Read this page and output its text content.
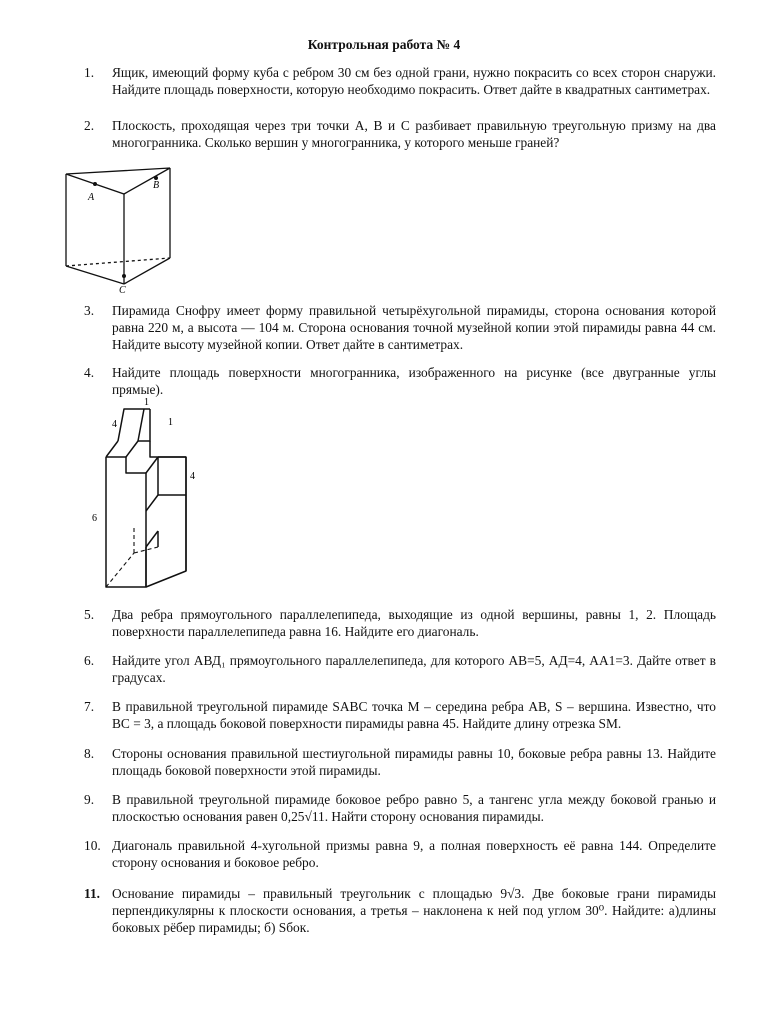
Контрольная работа № 4
1.	Ящик, имеющий форму куба с ребром 30 см без одной грани, нужно покрасить со всех сторон снаружи. Найдите площадь поверхности, которую необходимо покрасить. Ответ дайте в квадратных сантиметрах.
2.	Плоскость, проходящая через три точки A, B и C разбивает правильную треугольную призму на два многогранника. Сколько вершин у многогранника, у которого меньше граней?
A
B
C
3.	Пирамида Снофру имеет форму правильной четырёхугольной пирамиды, сторона основания которой равна 220 м, а высота — 104 м. Сторона основания точной музейной копии этой пирамиды равна 44 см. Найдите высоту музейной копии. Ответ дайте в сантиметрах.
4.	Найдите площадь поверхности многогранника, изображенного на рисунке (все двугранные углы прямые).
1
4	1
4
6
5.	Два ребра прямоугольного параллелепипеда, выходящие из одной вершины, равны 1, 2. Площадь поверхности параллелепипеда равна 16. Найдите его диагональ.
6.	Найдите угол АВД₁ прямоугольного параллелепипеда, для которого АВ=5, АД=4, АА1=3. Дайте ответ в градусах.
7.	В правильной треугольной пирамиде SABC точка M – середина ребра AB, S – вершина. Известно, что BC = 3, а площадь боковой поверхности пирамиды равна 45. Найдите длину отрезка SM.
8.	Стороны основания правильной шестиугольной пирамиды равны 10, боковые ребра равны 13. Найдите площадь боковой поверхности этой пирамиды.
9.	В правильной треугольной пирамиде боковое ребро равно 5, а тангенс угла между боковой гранью и плоскостью основания равен 0,25√11. Найти сторону основания пирамиды.
10. Диагональ правильной 4-хугольной призмы равна 9, а полная поверхность её равна 144. Определите сторону основания и боковое ребро.
11. Основание пирамиды – правильный треугольник с площадью 9√3. Две боковые грани пирамиды перпендикулярны к плоскости основания, а третья – наклонена к ней под углом 30⁰. Найдите: а)длины боковых рёбер пирамиды; б) Sбок.
